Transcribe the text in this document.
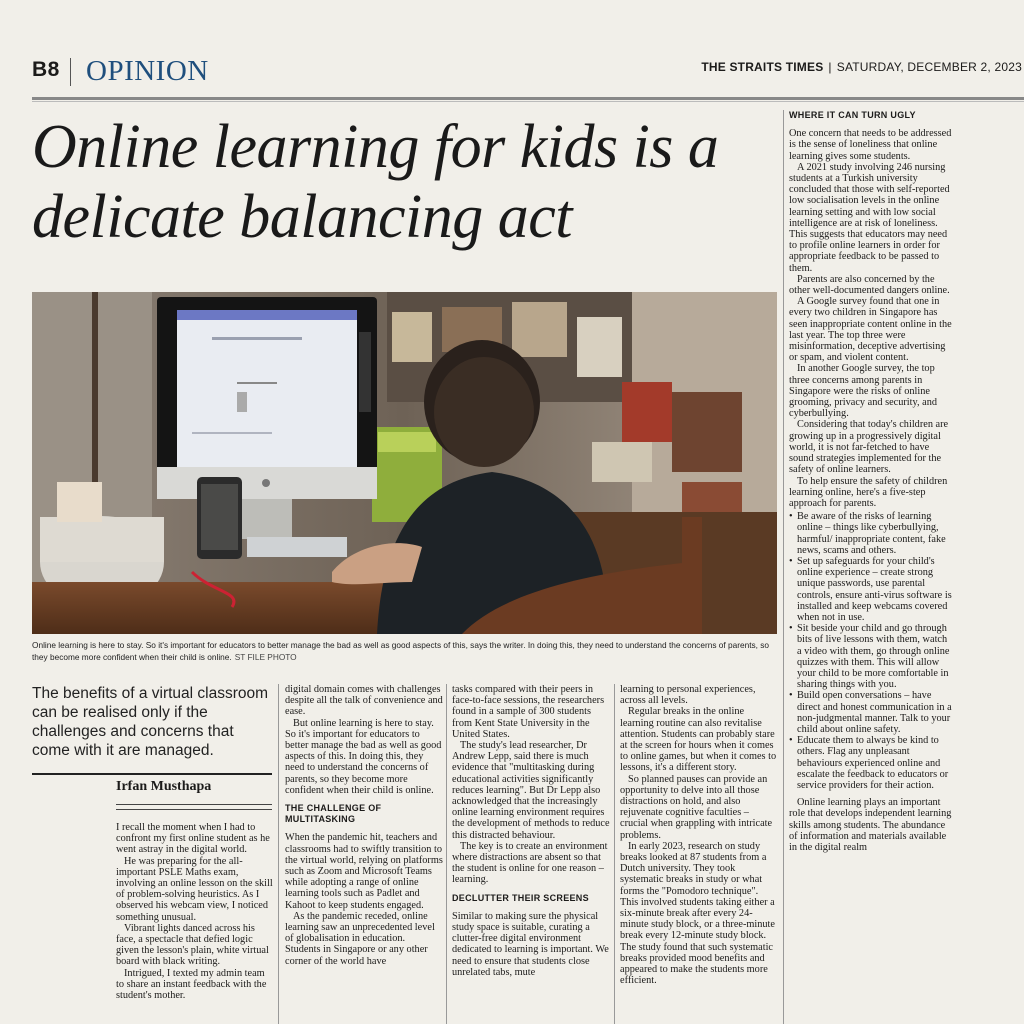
B8 OPINION	THE STRAITS TIMES | SATURDAY, DECEMBER 2, 2023
Online learning for kids is a delicate balancing act
Online learning is here to stay. So it's important for educators to better manage the bad as well as good aspects of this, says the writer. In doing this, they need to understand the concerns of parents, so they become more confident when their child is online. ST FILE PHOTO
The benefits of a virtual classroom can be realised only if the challenges and concerns that come with it are managed.
Irfan Musthapa

I recall the moment when I had to confront my first online student as he went astray in the digital world.

He was preparing for the all-important PSLE Maths exam, involving an online lesson on the skill of problem-solving heuristics. As I observed his webcam view, I noticed something unusual.

Vibrant lights danced across his face, a spectacle that defied logic given the lesson's plain, white virtual board with black writing.

Intrigued, I texted my admin team to share an instant feedback with the student's mother.

digital domain comes with challenges despite all the talk of convenience and ease.

But online learning is here to stay. So it's important for educators to better manage the bad as well as good aspects of this. In doing this, they need to understand the concerns of parents, so they become more confident when their child is online.

THE CHALLENGE OF MULTITASKING

When the pandemic hit, teachers and classrooms had to swiftly transition to the virtual world, relying on platforms such as Zoom and Microsoft Teams while adopting a range of online learning tools such as Padlet and Kahoot to keep students engaged.

As the pandemic receded, online learning saw an unprecedented level of globalisation in education. Students in Singapore or any other corner of the world have

tasks compared with their peers in face-to-face sessions, the researchers found in a sample of 300 students from Kent State University in the United States.

The study's lead researcher, Dr Andrew Lepp, said there is much evidence that "multitasking during educational activities significantly reduces learning". But Dr Lepp also acknowledged that the increasingly online learning environment requires the development of methods to reduce this distracted behaviour.

The key is to create an environment where distractions are absent so that the student is online for one reason – learning.

DECLUTTER THEIR SCREENS

Similar to making sure the physical study space is suitable, curating a clutter-free digital environment dedicated to learning is important. We need to ensure that students close unrelated tabs, mute

learning to personal experiences, across all levels.

Regular breaks in the online learning routine can also revitalise attention. Students can probably stare at the screen for hours when it comes to online games, but when it comes to lessons, it's a different story.

So planned pauses can provide an opportunity to delve into all those distractions on hold, and also rejuvenate cognitive faculties – crucial when grappling with intricate problems.

In early 2023, research on study breaks looked at 87 students from a Dutch university. They took systematic breaks in study or what forms the "Pomodoro technique". This involved students taking either a six-minute break after every 24-minute study block, or a three-minute break every 12-minute study block. The study found that such systematic breaks provided mood benefits and appeared to make the students more efficient.

WHERE IT CAN TURN UGLY

One concern that needs to be addressed is the sense of loneliness that online learning gives some students.

A 2021 study involving 246 nursing students at a Turkish university concluded that those with self-reported low socialisation levels in the online learning setting and with low social intelligence are at risk of loneliness. This suggests that educators may need to profile online learners in order for appropriate feedback to be passed to them.

Parents are also concerned by the other well-documented dangers online.

A Google survey found that one in every two children in Singapore has seen inappropriate content online in the last year. The top three were misinformation, deceptive advertising or spam, and violent content.

In another Google survey, the top three concerns among parents in Singapore were the risks of online grooming, privacy and security, and cyberbullying.

Considering that today's children are growing up in a progressively digital world, it is not far-fetched to have sound strategies implemented for the safety of online learners.

To help ensure the safety of children learning online, here's a five-step approach for parents.

• Be aware of the risks of learning online – things like cyberbullying, harmful/ inappropriate content, fake news, scams and others.
• Set up safeguards for your child's online experience – create strong unique passwords, use parental controls, ensure anti-virus software is installed and keep webcams covered when not in use.
• Sit beside your child and go through bits of live lessons with them, watch a video with them, go through online quizzes with them. This will allow your child to be more comfortable in sharing things with you.
• Build open conversations – have direct and honest communication in a non-judgmental manner. Talk to your child about online safety.
• Educate them to always be kind to others. Flag any unpleasant behaviours experienced online and escalate the feedback to educators or service providers for their action.

Online learning plays an important role that develops independent learning skills among students. The abundance of information and materials available in the digital realm
